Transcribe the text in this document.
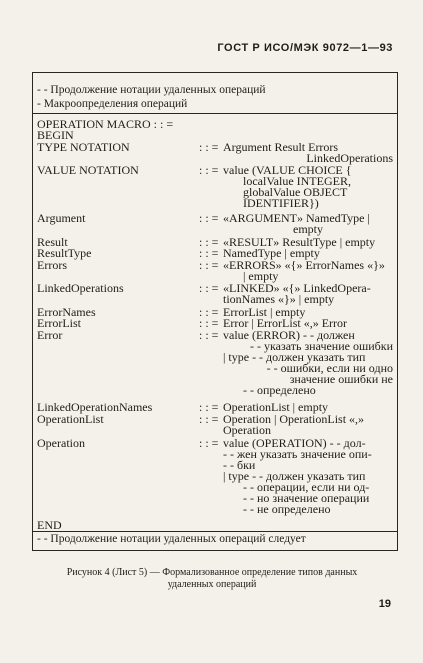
ГОСТ Р ИСО/МЭК 9072—1—93
- - Продолжение нотации удаленных операций
- Макроопределения операций
OPERATION MACRO : : =
BEGIN
TYPE NOTATION	: : = Argument Result Errors
LinkedOperations
VALUE NOTATION	: : = value (VALUE CHOICE {
localValue INTEGER,
globalValue OBJECT
IDENTIFIER})
Argument	: : = «ARGUMENT» NamedType |
empty
Result	: : = «RESULT» ResultType | empty
ResultType	: : = NamedType | empty
Errors	: : = «ERRORS» «{» ErrorNames «}»
| empty
LinkedOperations	: : = «LINKED» «{» LinkedOpera-
tionNames «}» | empty
ErrorNames	: : = ErrorList | empty
ErrorList	: : = Error | ErrorList «,» Error
Error	: : = value (ERROR) - - должен
- - указать значение ошибки
| type - - должен указать тип
- - ошибки, если ни одно
значение ошибки не
- - определено
LinkedOperationNames	: : = OperationList | empty
OperationList	: : = Operation | OperationList «,»
Operation
Operation	: : = value (OPERATION) - - дол-
- - жен указать значение опи-
- - бки
| type - - должен указать тип
- - операции, если ни од-
- - но значение операции
- - не определено
END
- - Продолжение нотации удаленных операций следует
Рисунок 4 (Лист 5) — Формализованное определение типов данных
удаленных операций
19
